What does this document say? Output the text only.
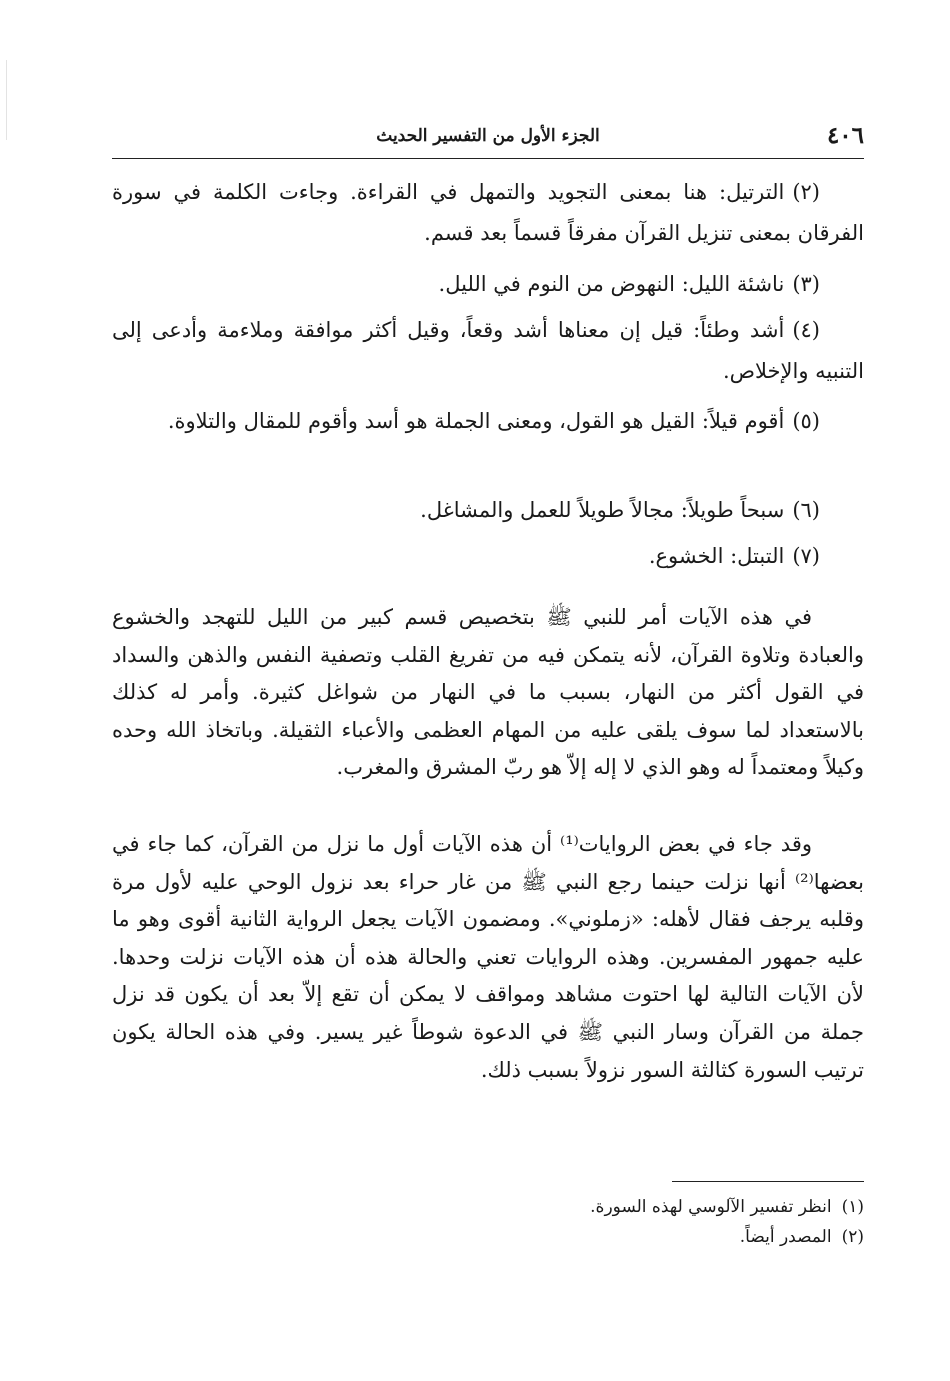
٤٠٦
الجزء الأول من التفسير الحديث
(٢)الترتيل: هنا بمعنى التجويد والتمهل في القراءة. وجاءت الكلمة في سورة الفرقان بمعنى تنزيل القرآن مفرقاً قسماً بعد قسم.
(٣)ناشئة الليل: النهوض من النوم في الليل.
(٤)أشد وطئاً: قيل إن معناها أشد وقعاً، وقيل أكثر موافقة وملاءمة وأدعى إلى التنبيه والإخلاص.
(٥)أقوم قيلاً: القيل هو القول، ومعنى الجملة هو أسد وأقوم للمقال والتلاوة.
(٦)سبحاً طويلاً: مجالاً طويلاً للعمل والمشاغل.
(٧)التبتل: الخشوع.
في هذه الآيات أمر للنبي ﷺ بتخصيص قسم كبير من الليل للتهجد والخشوع والعبادة وتلاوة القرآن، لأنه يتمكن فيه من تفريغ القلب وتصفية النفس والذهن والسداد في القول أكثر من النهار، بسبب ما في النهار من شواغل كثيرة. وأمر له كذلك بالاستعداد لما سوف يلقى عليه من المهام العظمى والأعباء الثقيلة. وباتخاذ الله وحده وكيلاً ومعتمداً له وهو الذي لا إله إلاّ هو ربّ المشرق والمغرب.
وقد جاء في بعض الروايات⁽¹⁾ أن هذه الآيات أول ما نزل من القرآن، كما جاء في بعضها⁽²⁾ أنها نزلت حينما رجع النبي ﷺ من غار حراء بعد نزول الوحي عليه لأول مرة وقلبه يرجف فقال لأهله: «زملوني». ومضمون الآيات يجعل الرواية الثانية أقوى وهو ما عليه جمهور المفسرين. وهذه الروايات تعني والحالة هذه أن هذه الآيات نزلت وحدها. لأن الآيات التالية لها احتوت مشاهد ومواقف لا يمكن أن تقع إلاّ بعد أن يكون قد نزل جملة من القرآن وسار النبي ﷺ في الدعوة شوطاً غير يسير. وفي هذه الحالة يكون ترتيب السورة كثالثة السور نزولاً بسبب ذلك.
(١)انظر تفسير الآلوسي لهذه السورة.
(٢)المصدر أيضاً.
